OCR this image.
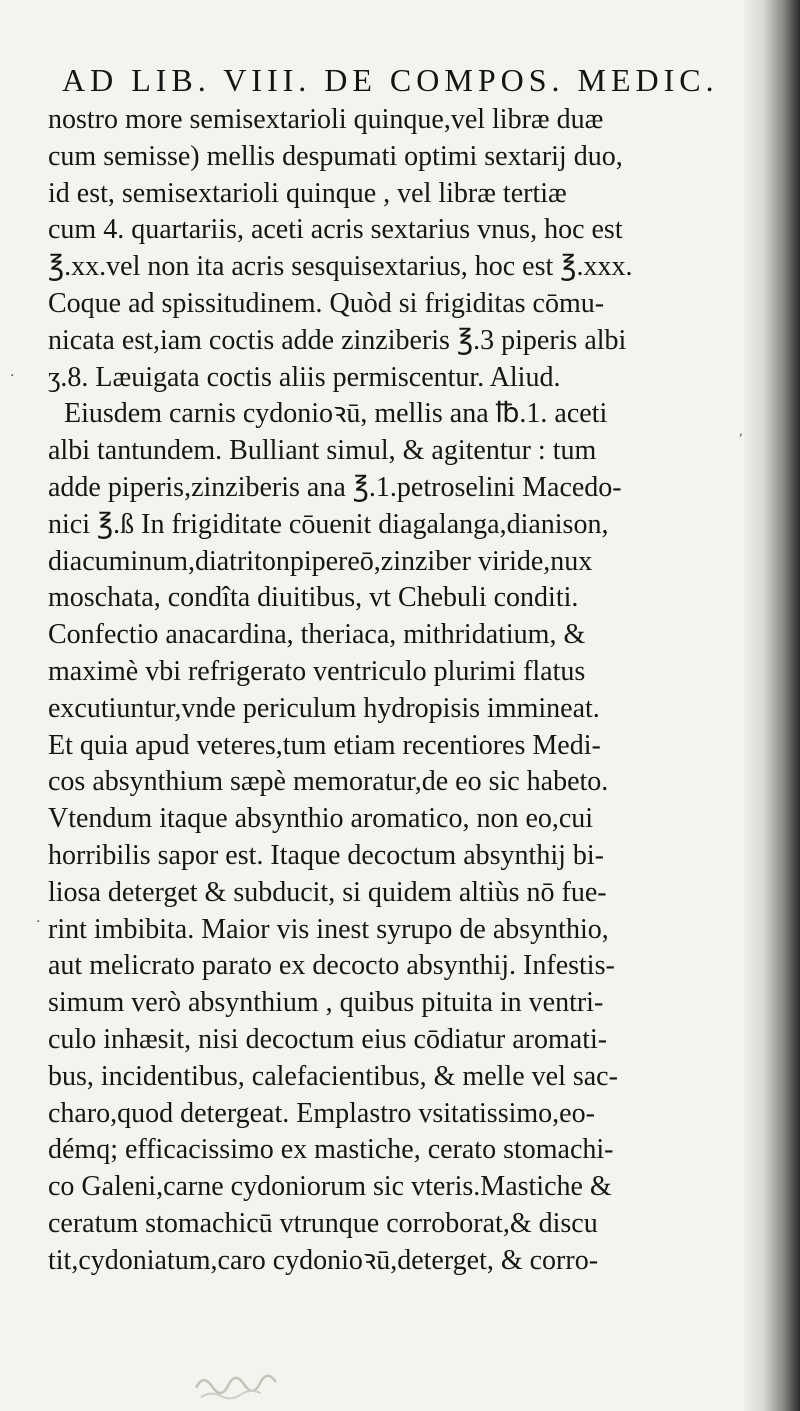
AD LIB. VIII. DE COMPOS. MEDIC.
nostro more semisextarioli quinque,vel libræ duæ
cum semisse) mellis despumati optimi sextarij duo,
id est, semisextarioli quinque , vel libræ tertiæ
cum 4. quartariis, aceti acris sextarius vnus, hoc est
℥.xx.vel non ita acris sesquisextarius, hoc est ℥.xxx.
Coque ad spissitudinem. Quòd si frigiditas cōmu-
nicata est,iam coctis adde zinziberis ℥.3 piperis albi
ʒ.8. Læuigata coctis aliis permiscentur. Aliud.
Eiusdem carnis cydonioꝛū, mellis ana ℔.1. aceti
albi tantundem. Bulliant simul, & agitentur : tum
adde piperis,zinziberis ana ℥.1.petroselini Macedo-
nici ℥.ß In frigiditate cōuenit diagalanga,dianison,
diacuminum,diatritonpipereō,zinziber viride,nux
moschata, condîta diuitibus, vt Chebuli conditi.
Confectio anacardina, theriaca, mithridatium, &
maximè vbi refrigerato ventriculo plurimi flatus
excutiuntur,vnde periculum hydropisis immineat.
Et quia apud veteres,tum etiam recentiores Medi-
cos absynthium sæpè memoratur,de eo sic habeto.
Vtendum itaque absynthio aromatico, non eo,cui
horribilis sapor est. Itaque decoctum absynthij bi-
liosa deterget & subducit, si quidem altiùs nō fue-
rint imbibita. Maior vis inest syrupo de absynthio,
aut melicrato parato ex decocto absynthij. Infestis-
simum verò absynthium , quibus pituita in ventri-
culo inhæsit, nisi decoctum eius cōdiatur aromati-
bus, incidentibus, calefacientibus, & melle vel sac-
charo,quod detergeat. Emplastro vsitatissimo,eo-
démq; efficacissimo ex mastiche, cerato stomachi-
co Galeni,carne cydoniorum sic vteris.Mastiche &
ceratum stomachicū vtrunque corroborat,& discu
tit,cydoniatum,caro cydonioꝛū,deterget, & corro-
·
ʼ
·
